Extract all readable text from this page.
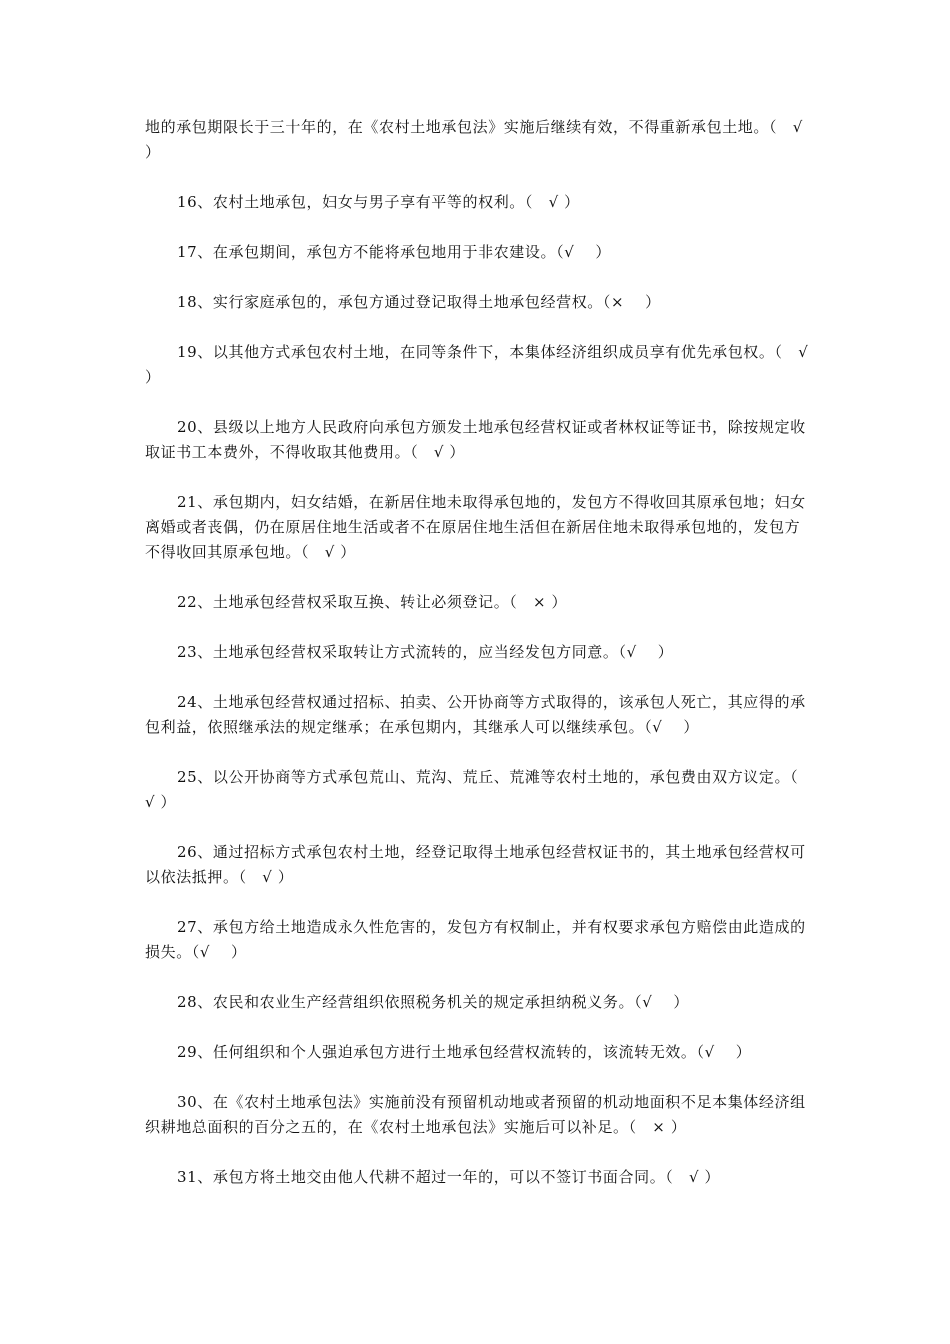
地的承包期限长于三十年的，在《农村土地承包法》实施后继续有效，不得重新承包土地。（　√ ）

16、农村土地承包，妇女与男子享有平等的权利。（　√ ）

17、在承包期间，承包方不能将承包地用于非农建设。（√　 ）

18、实行家庭承包的，承包方通过登记取得土地承包经营权。（×　 ）

19、以其他方式承包农村土地，在同等条件下，本集体经济组织成员享有优先承包权。（　√ ）

20、县级以上地方人民政府向承包方颁发土地承包经营权证或者林权证等证书，除按规定收取证书工本费外，不得收取其他费用。（　√ ）

21、承包期内，妇女结婚，在新居住地未取得承包地的，发包方不得收回其原承包地；妇女离婚或者丧偶，仍在原居住地生活或者不在原居住地生活但在新居住地未取得承包地的，发包方不得收回其原承包地。（　√ ）

22、土地承包经营权采取互换、转让必须登记。（　× ）

23、土地承包经营权采取转让方式流转的，应当经发包方同意。（√　 ）

24、土地承包经营权通过招标、拍卖、公开协商等方式取得的，该承包人死亡，其应得的承包利益，依照继承法的规定继承；在承包期内，其继承人可以继续承包。（√　 ）

25、以公开协商等方式承包荒山、荒沟、荒丘、荒滩等农村土地的，承包费由双方议定。（　√ ）

26、通过招标方式承包农村土地，经登记取得土地承包经营权证书的，其土地承包经营权可以依法抵押。（　√ ）

27、承包方给土地造成永久性危害的，发包方有权制止，并有权要求承包方赔偿由此造成的损失。（√　 ）

28、农民和农业生产经营组织依照税务机关的规定承担纳税义务。（√　 ）

29、任何组织和个人强迫承包方进行土地承包经营权流转的，该流转无效。（√　 ）

30、在《农村土地承包法》实施前没有预留机动地或者预留的机动地面积不足本集体经济组织耕地总面积的百分之五的，在《农村土地承包法》实施后可以补足。（　× ）

31、承包方将土地交由他人代耕不超过一年的，可以不签订书面合同。（　√ ）
